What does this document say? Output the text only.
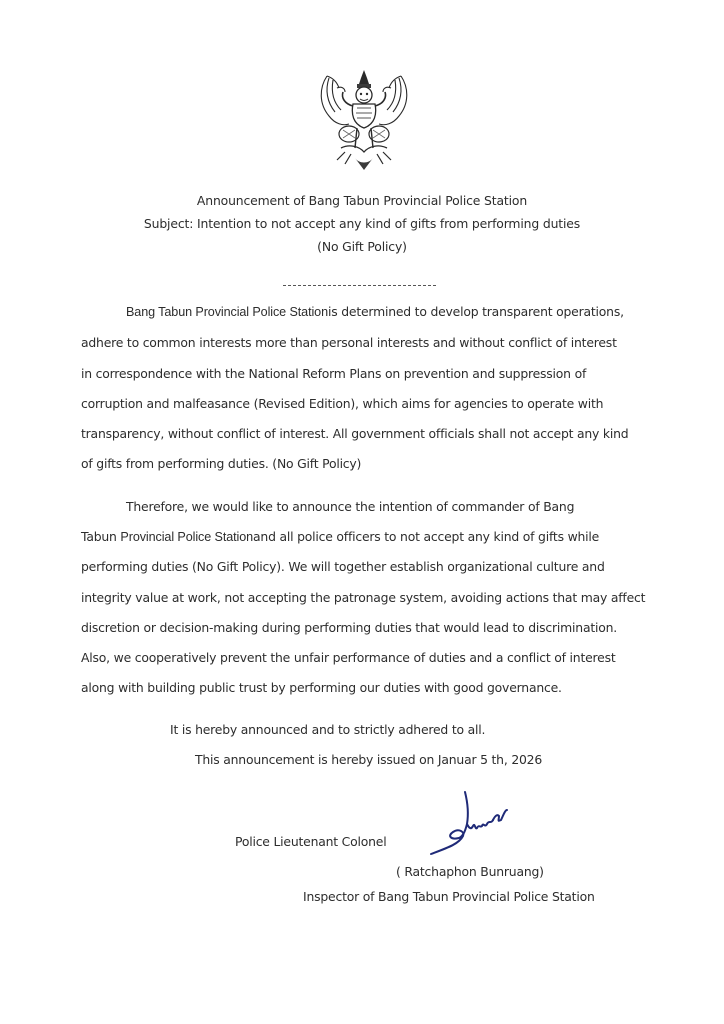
Announcement of Bang Tabun Provincial Police Station
Subject: Intention to not accept any kind of gifts from performing duties
(No Gift Policy)
Bang Tabun Provincial Police Stationis determined to develop transparent operations,
adhere to common interests more than personal interests and without conflict of interest
in correspondence with the National Reform Plans on prevention and suppression of
corruption and malfeasance (Revised Edition), which aims for agencies to operate with
transparency, without conflict of interest. All government officials shall not accept any kind
of gifts from performing duties. (No Gift Policy)
Therefore, we would like to announce the intention of commander of Bang
Tabun Provincial Police Stationand all police officers to not accept any kind of gifts while
performing duties (No Gift Policy). We will together establish organizational culture and
integrity value at work, not accepting the patronage system, avoiding actions that may affect
discretion or decision-making during performing duties that would lead to discrimination.
Also, we cooperatively prevent the unfair performance of duties and a conflict of interest
along with building public trust by performing our duties with good governance.
It is hereby announced and to strictly adhered to all.
This announcement is hereby issued on Januar 5 th, 2026
Police Lieutenant Colonel
( Ratchaphon Bunruang)
Inspector of Bang Tabun Provincial Police Station
